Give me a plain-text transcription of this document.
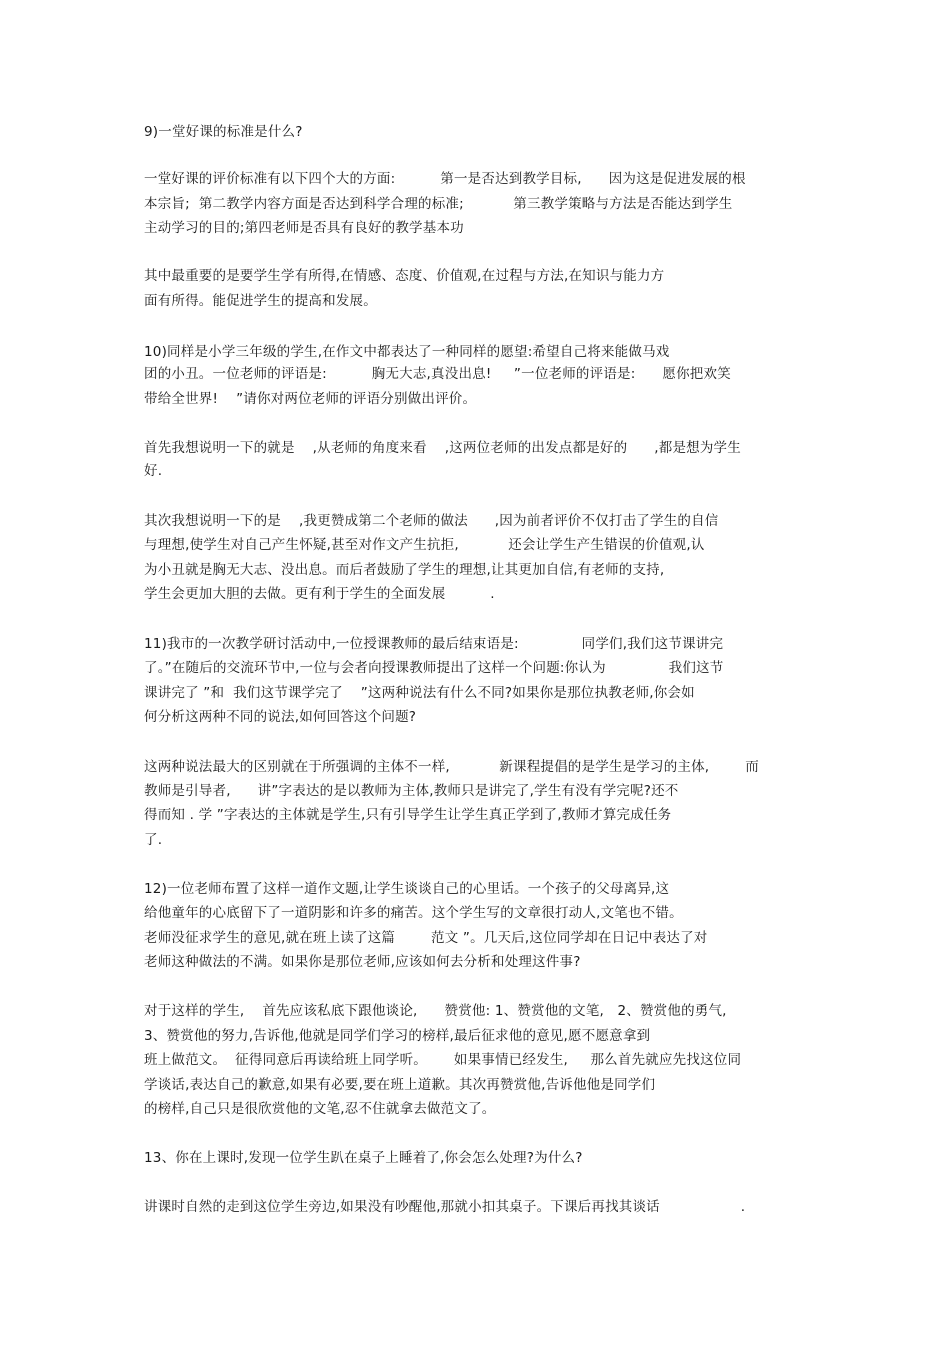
9)一堂好课的标准是什么?
一堂好课的评价标准有以下四个大的方面:          第一是否达到教学目标,      因为这是促进发展的根
本宗旨;  第二教学内容方面是否达到科学合理的标准;           第三教学策略与方法是否能达到学生
主动学习的目的;第四老师是否具有良好的教学基本功
其中最重要的是要学生学有所得,在情感、态度、价值观,在过程与方法,在知识与能力方
面有所得。能促进学生的提高和发展。
10)同样是小学三年级的学生,在作文中都表达了一种同样的愿望:希望自己将来能做马戏
团的小丑。一位老师的评语是:          胸无大志,真没出息!     ”一位老师的评语是:      愿你把欢笑
带给全世界!    ”请你对两位老师的评语分别做出评价。
首先我想说明一下的就是    ,从老师的角度来看    ,这两位老师的出发点都是好的      ,都是想为学生
好.
其次我想说明一下的是    ,我更赞成第二个老师的做法      ,因为前者评价不仅打击了学生的自信
与理想,使学生对自己产生怀疑,甚至对作文产生抗拒,           还会让学生产生错误的价值观,认
为小丑就是胸无大志、没出息。而后者鼓励了学生的理想,让其更加自信,有老师的支持,
学生会更加大胆的去做。更有利于学生的全面发展          .
11)我市的一次教学研讨活动中,一位授课教师的最后结束语是:              同学们,我们这节课讲完
了。”在随后的交流环节中,一位与会者向授课教师提出了这样一个问题:你认为              我们这节
课讲完了 ”和  我们这节课学完了    ”这两种说法有什么不同?如果你是那位执教老师,你会如
何分析这两种不同的说法,如何回答这个问题?
这两种说法最大的区别就在于所强调的主体不一样,           新课程提倡的是学生是学习的主体,        而
教师是引导者,      讲”字表达的是以教师为主体,教师只是讲完了,学生有没有学完呢?还不
得而知 . 学 ”字表达的主体就是学生,只有引导学生让学生真正学到了,教师才算完成任务
了.
12)一位老师布置了这样一道作文题,让学生谈谈自己的心里话。一个孩子的父母离异,这
给他童年的心底留下了一道阴影和许多的痛苦。这个学生写的文章很打动人,文笔也不错。
老师没征求学生的意见,就在班上读了这篇        范文 ”。几天后,这位同学却在日记中表达了对
老师这种做法的不满。如果你是那位老师,应该如何去分析和处理这件事?
对于这样的学生,    首先应该私底下跟他谈论,      赞赏他: 1、赞赏他的文笔,   2、赞赏他的勇气,
3、赞赏他的努力,告诉他,他就是同学们学习的榜样,最后征求他的意见,愿不愿意拿到
班上做范文。  征得同意后再读给班上同学听。      如果事情已经发生,     那么首先就应先找这位同
学谈话,表达自己的歉意,如果有必要,要在班上道歉。其次再赞赏他,告诉他他是同学们
的榜样,自己只是很欣赏他的文笔,忍不住就拿去做范文了。
13、你在上课时,发现一位学生趴在桌子上睡着了,你会怎么处理?为什么?
讲课时自然的走到这位学生旁边,如果没有吵醒他,那就小扣其桌子。下课后再找其谈话                  .
